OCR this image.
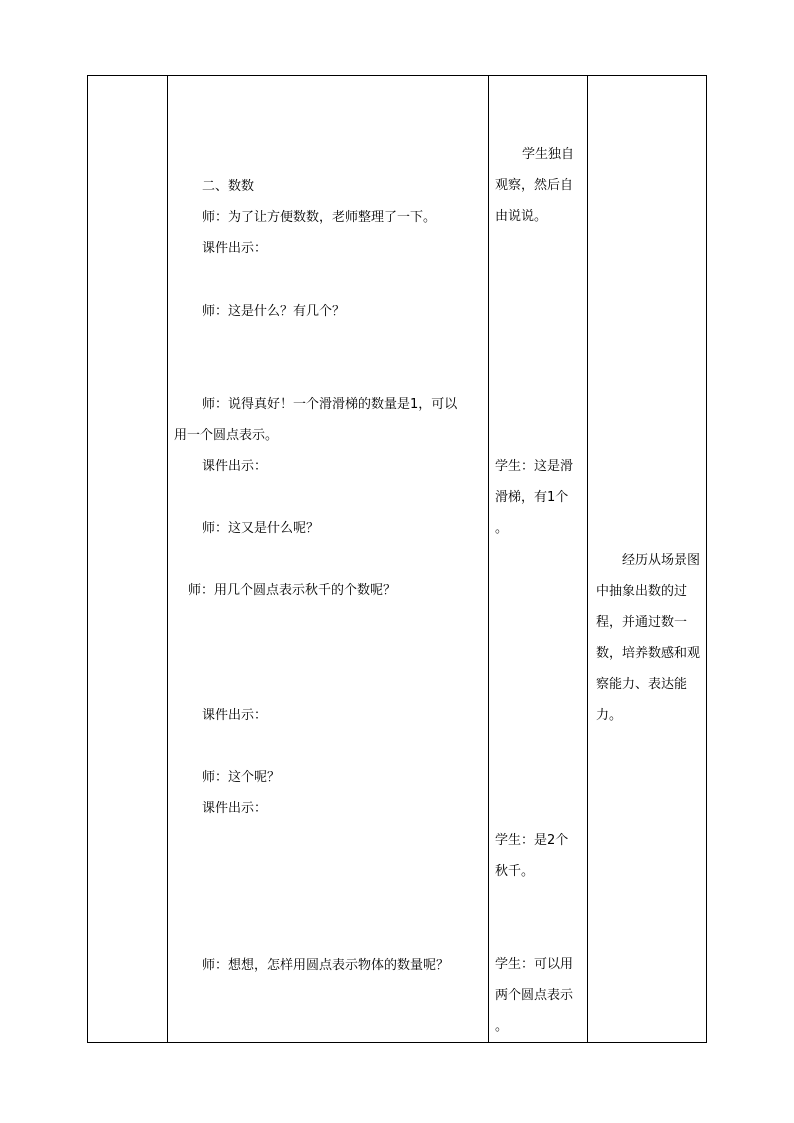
二、数数
师：为了让方便数数，老师整理了一下。
课件出示：
师：这是什么？有几个？
师：说得真好！一个滑滑梯的数量是1，可以
用一个圆点表示。
课件出示：
师：这又是什么呢？
师：用几个圆点表示秋千的个数呢？
课件出示：
师：这个呢？
课件出示：
师：想想，怎样用圆点表示物体的数量呢？
学生独自
观察，然后自
由说说。
学生：这是滑
滑梯，有1个
。
学生：是2个
秋千。
学生：可以用
两个圆点表示
。
经历从场景图中抽象出数的过程，并通过数一数，培养数感和观察能力、表达能力。
